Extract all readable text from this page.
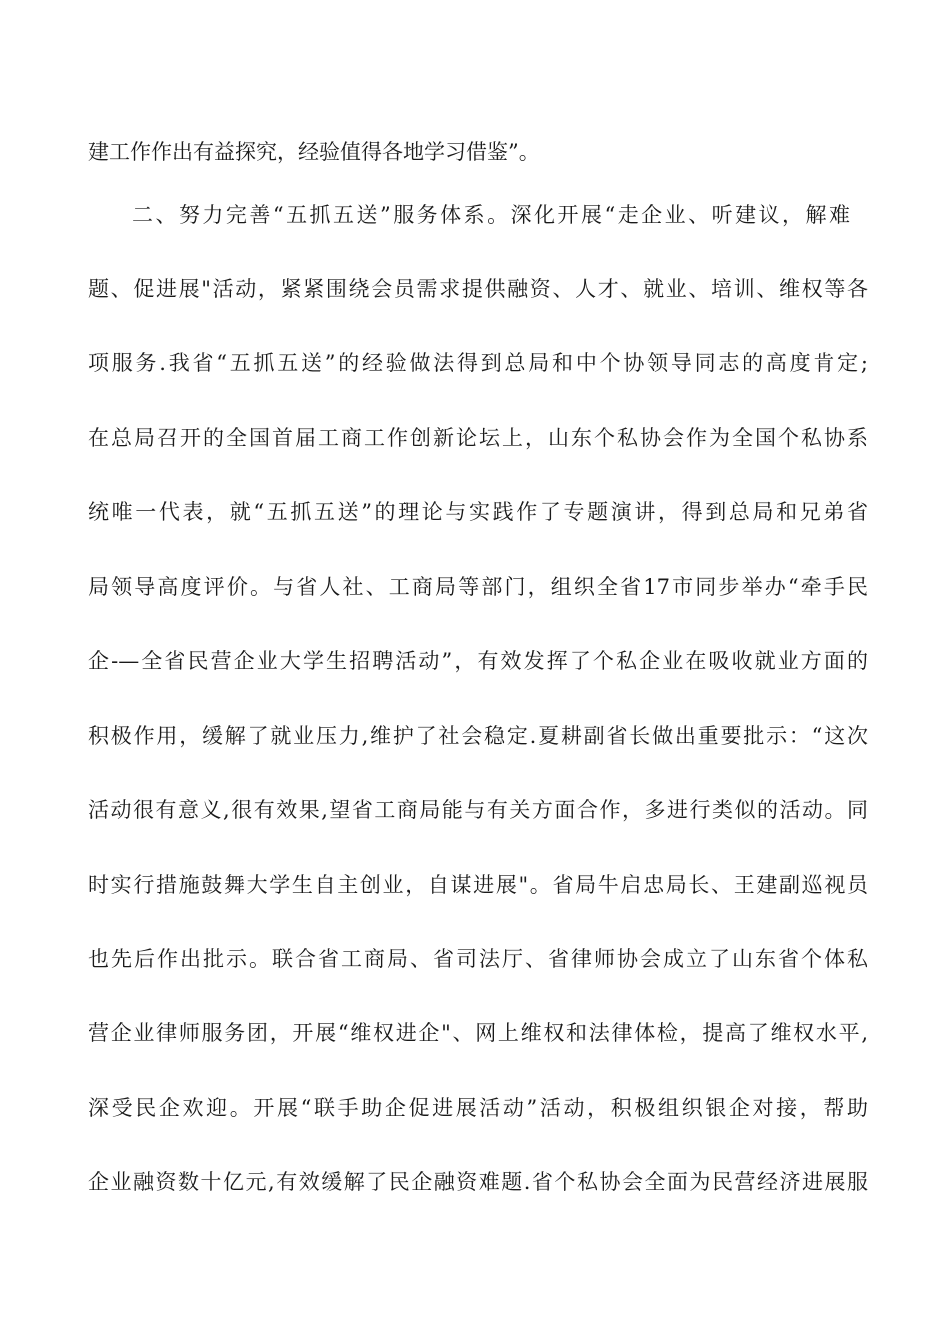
建工作作出有益探究，经验值得各地学习借鉴”。
二、努力完善“五抓五送”服务体系。深化开展“走企业、听建议，解难
题、促进展"活动，紧紧围绕会员需求提供融资、人才、就业、培训、维权等各
项服务.我省“五抓五送”的经验做法得到总局和中个协领导同志的高度肯定;
在总局召开的全国首届工商工作创新论坛上，山东个私协会作为全国个私协系
统唯一代表，就“五抓五送”的理论与实践作了专题演讲，得到总局和兄弟省
局领导高度评价。与省人社、工商局等部门，组织全省17市同步举办“牵手民
企-—全省民营企业大学生招聘活动”，有效发挥了个私企业在吸收就业方面的
积极作用，缓解了就业压力,维护了社会稳定.夏耕副省长做出重要批示：“这次
活动很有意义,很有效果,望省工商局能与有关方面合作，多进行类似的活动。同
时实行措施鼓舞大学生自主创业，自谋进展"。省局牛启忠局长、王建副巡视员
也先后作出批示。联合省工商局、省司法厅、省律师协会成立了山东省个体私
营企业律师服务团，开展“维权进企"、网上维权和法律体检，提高了维权水平,
深受民企欢迎。开展“联手助企促进展活动”活动，积极组织银企对接，帮助
企业融资数十亿元,有效缓解了民企融资难题.省个私协会全面为民营经济进展服
